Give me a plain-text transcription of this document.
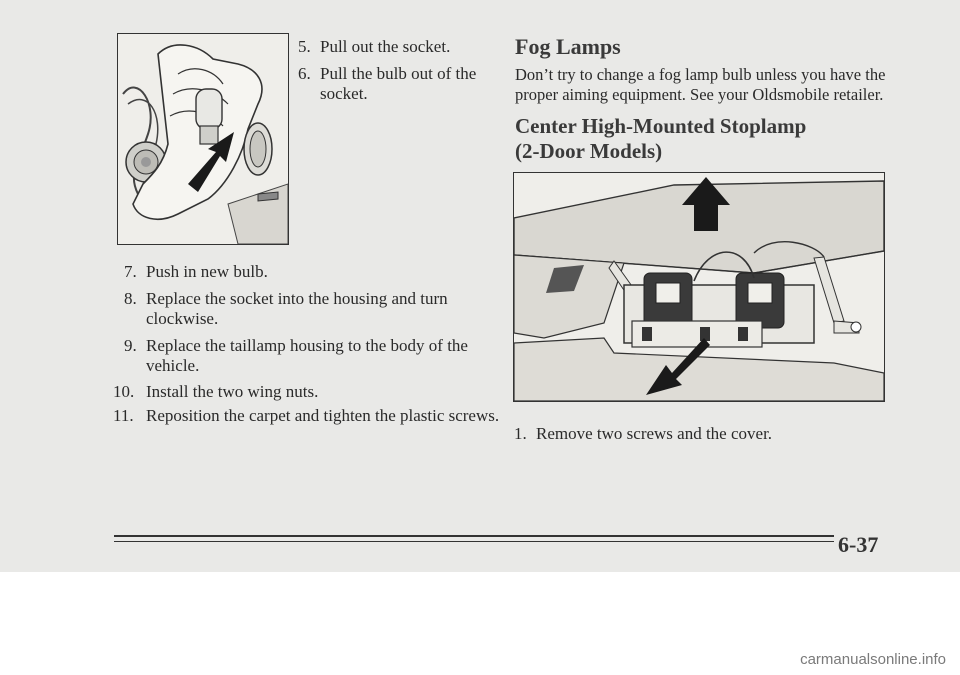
5. Pull out the socket.

6. Pull the bulb out of the socket.

7. Push in new bulb.

8. Replace the socket into the housing and turn clockwise.

9. Replace the taillamp housing to the body of the vehicle.

10. Install the two wing nuts.

11. Reposition the carpet and tighten the plastic screws.

Fog Lamps

Don’t try to change a fog lamp bulb unless you have the proper aiming equipment. See your Oldsmobile retailer.

Center High-Mounted Stoplamp
(2-Door Models)

1. Remove two screws and the cover.

6-37
carmanualsonline.info
